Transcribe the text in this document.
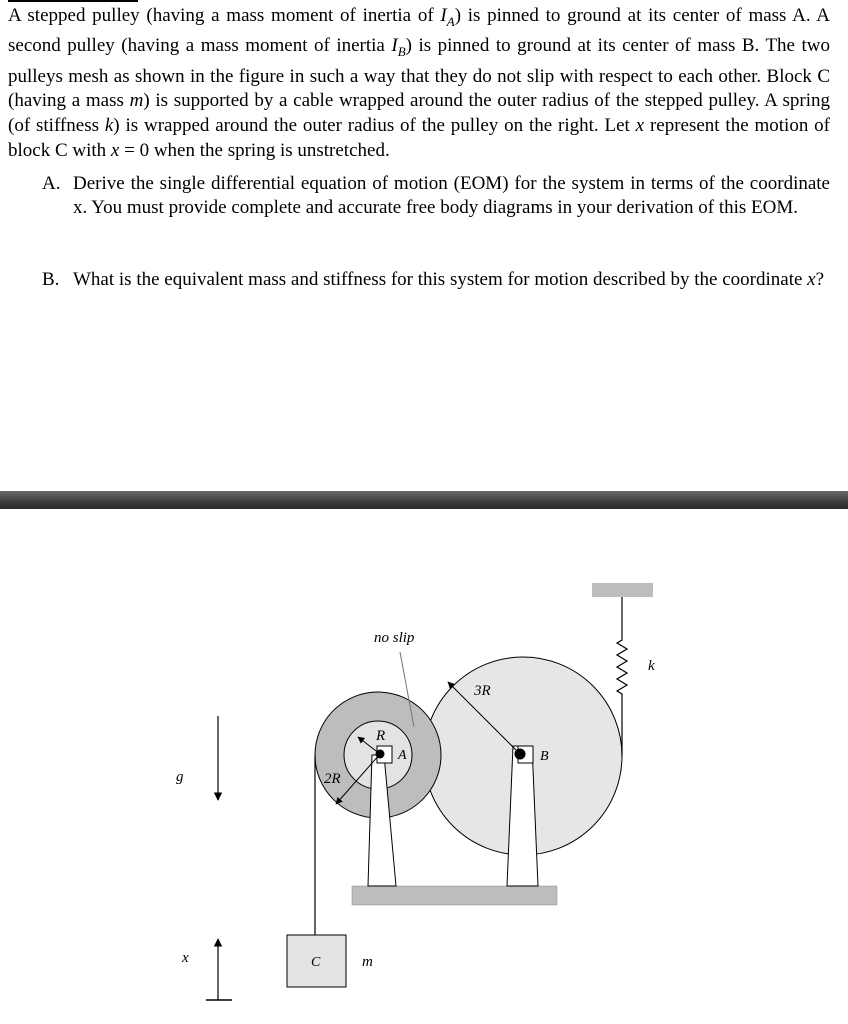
A stepped pulley (having a mass moment of inertia of $I_A$) is pinned to ground at its center of mass A. A second pulley (having a mass moment of inertia $I_B$) is pinned to ground at its center of mass B. The two pulleys mesh as shown in the figure in such a way that they do not slip with respect to each other. Block C (having a mass m) is supported by a cable wrapped around the outer radius of the stepped pulley. A spring (of stiffness k) is wrapped around the outer radius of the pulley on the right. Let x represent the motion of block C with x = 0 when the spring is unstretched.

A. Derive the single differential equation of motion (EOM) for the system in terms of the coordinate x. You must provide complete and accurate free body diagrams in your derivation of this EOM.
B. What is the equivalent mass and stiffness for this system for motion described by the coordinate x?
no slip
R
2R
3R
A	B
g
x	C	m
k
